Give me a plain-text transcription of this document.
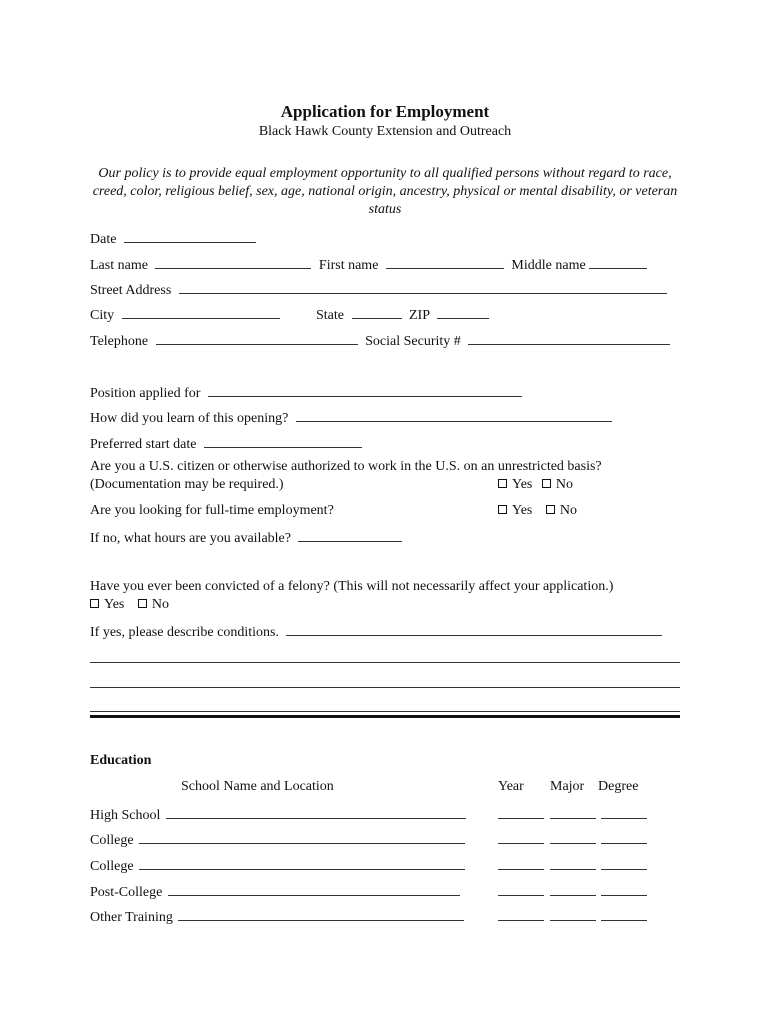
Application for Employment
Black Hawk County Extension and Outreach
Our policy is to provide equal employment opportunity to all qualified persons without regard to race, creed, color, religious belief, sex, age, national origin, ancestry, physical or mental disability, or veteran status
Date
Last name	First name	Middle name
Street Address
City	State	ZIP
Telephone	Social Security #
Position applied for
How did you learn of this opening?
Preferred start date
Are you a U.S. citizen or otherwise authorized to work in the U.S. on an unrestricted basis?
(Documentation may be required.)	Yes No
Are you looking for full-time employment?	Yes No
If no, what hours are you available?
Have you ever been convicted of a felony? (This will not necessarily affect your application.)
Yes No
If yes, please describe conditions.
Education
School Name and Location	Year Major Degree
High School
College
College
Post-College
Other Training
